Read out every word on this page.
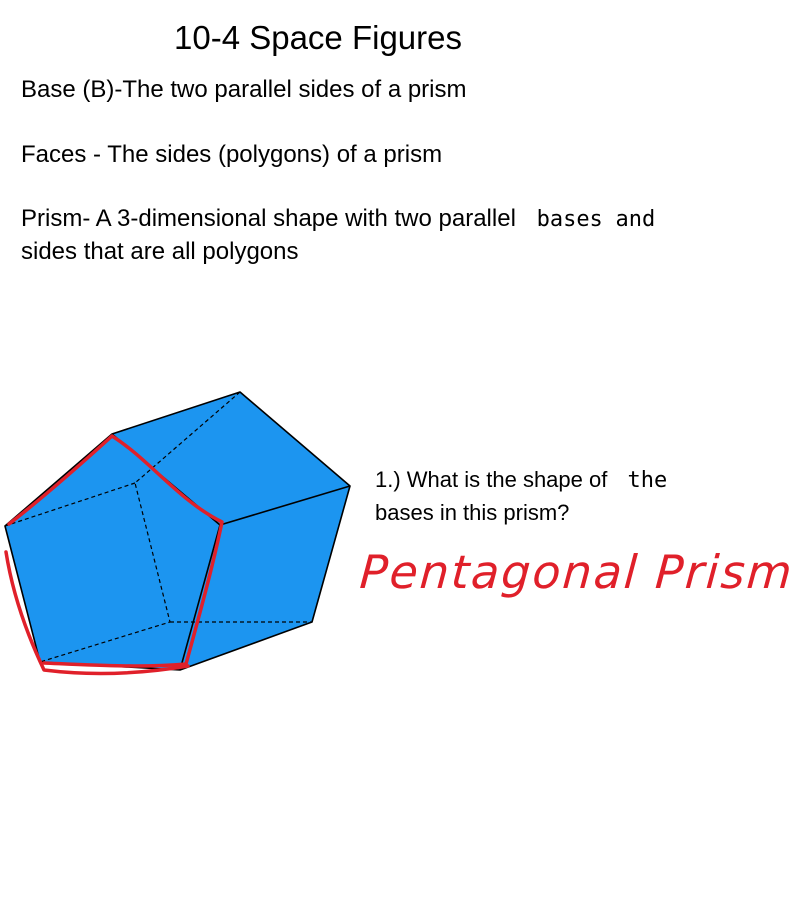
10-4 Space Figures
Base (B)-The two parallel sides of a prism
Faces - The sides (polygons) of a prism
Prism- A 3-dimensional shape with two parallel bases and
sides that are all polygons
1.) What is the shape of the
bases in this prism?
Pentagonal Prism
